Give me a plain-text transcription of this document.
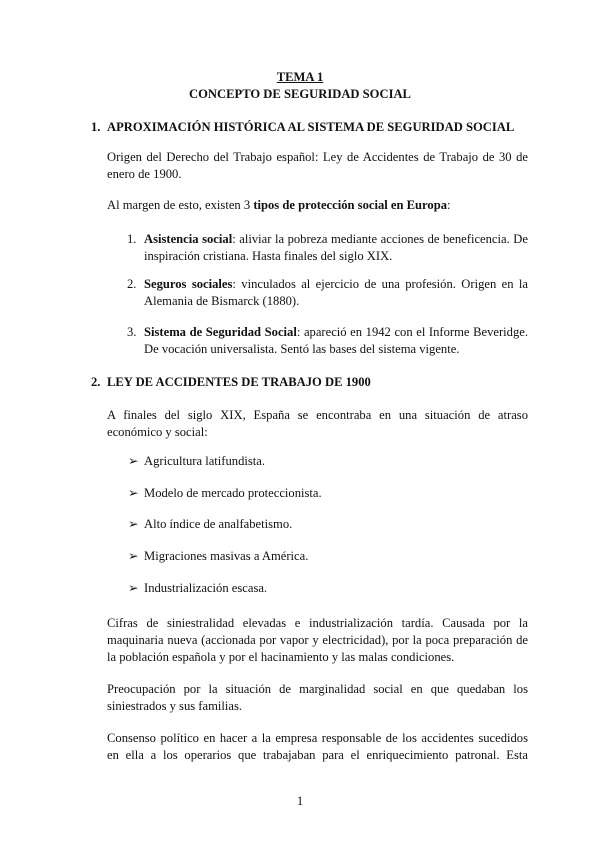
TEMA 1
CONCEPTO DE SEGURIDAD SOCIAL
1. APROXIMACIÓN HISTÓRICA AL SISTEMA DE SEGURIDAD SOCIAL
Origen del Derecho del Trabajo español: Ley de Accidentes de Trabajo de 30 de enero de 1900.
Al margen de esto, existen 3 tipos de protección social en Europa:
1. Asistencia social: aliviar la pobreza mediante acciones de beneficencia. De inspiración cristiana. Hasta finales del siglo XIX.
2. Seguros sociales: vinculados al ejercicio de una profesión. Origen en la Alemania de Bismarck (1880).
3. Sistema de Seguridad Social: apareció en 1942 con el Informe Beveridge. De vocación universalista. Sentó las bases del sistema vigente.
2. LEY DE ACCIDENTES DE TRABAJO DE 1900
A finales del siglo XIX, España se encontraba en una situación de atraso económico y social:
➢ Agricultura latifundista.
➢ Modelo de mercado proteccionista.
➢ Alto índice de analfabetismo.
➢ Migraciones masivas a América.
➢ Industrialización escasa.
Cifras de siniestralidad elevadas e industrialización tardía. Causada por la maquinaria nueva (accionada por vapor y electricidad), por la poca preparación de la población española y por el hacinamiento y las malas condiciones.
Preocupación por la situación de marginalidad social en que quedaban los siniestrados y sus familias.
Consenso político en hacer a la empresa responsable de los accidentes sucedidos en ella a los operarios que trabajaban para el enriquecimiento patronal. Esta
1
